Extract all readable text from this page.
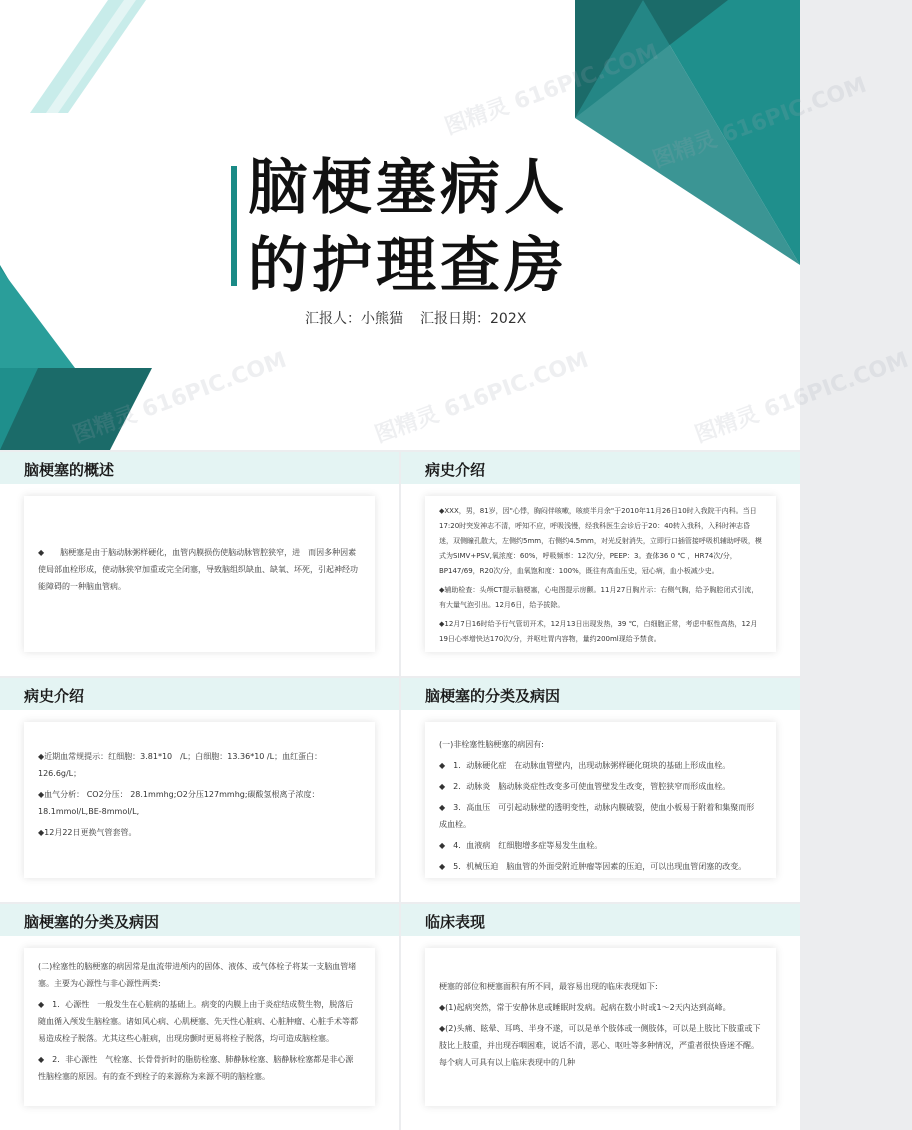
图精灵 616PIC.COM
图精灵 616PIC.COM	图精灵 616PIC.COM	图精灵 616PIC.COM
脑梗塞病人
的护理查房
汇报人：小熊猫 汇报日期：202X
脑梗塞的概述

◆　　脑梗塞是由于脑动脉粥样硬化，血管内膜损伤使脑动脉管腔狭窄，进　而因多种因素使局部血栓形成，使动脉狭窄加重或完全闭塞，导致脑组织缺血、缺氧、坏死，引起神经功能障碍的一种脑血管病。

病史介绍

◆XXX，男，81岁，因"心悸，胸闷伴咳嗽，咳痰半月余"于2010年11月26日10时入我院干内科。当日17:20时突发神志不清，呼知不应，呼吸浅慢，经我科医生会诊后于20：40转入我科，入科时神志昏迷，双侧瞳孔散大，左侧约5mm，右侧约4.5mm，对光反射消失，立即行口插管接呼吸机辅助呼吸，模式为SIMV+PSV,氧浓度：60%，呼吸频率：12次/分，PEEP：3。查体36 0 ℃ ，HR74次/分，BP147/69，R20次/分，血氧饱和度：100%，既往有高血压史，冠心病，血小板减少史。

◆辅助检查：头颅CT提示脑梗塞，心电图提示房颤。11月27日胸片示：右侧气胸，给予胸腔闭式引流，有大量气泡引出。12月6日，给予拔除。

◆12月7日16时给予行气管切开术，12月13日出现发热，39 ℃，白细胞正常，考虑中枢性高热，12月19日心率增快达170次/分，并呕吐胃内容物，量约200ml现给予禁食。

病史介绍

◆近期血常规提示：红细胞：3.81*10　/L；白细胞：13.36*10 /L；血红蛋白：126.6g/L；

◆血气分析： CO2分压： 28.1mmhg;O2分压127mmhg;碳酸氢根离子浓度：18.1mmol/L,BE-8mmol/L,

◆12月22日更换气管套管。

脑梗塞的分类及病因

(一)非栓塞性脑梗塞的病因有:

◆　1．动脉硬化症　在动脉血管壁内，出现动脉粥样硬化斑块的基础上形成血栓。

◆　2．动脉炎　脑动脉炎症性改变多可使血管壁发生改变，管腔狭窄而形成血栓。

◆　3．高血压　可引起动脉壁的透明变性，动脉内膜破裂，使血小板易于附着和集聚而形成血栓。

◆　4．血液病　红细胞增多症等易发生血栓。

◆　5．机械压迫　脑血管的外面受附近肿瘤等因素的压迫，可以出现血管闭塞的改变。

脑梗塞的分类及病因

(二)栓塞性的脑梗塞的病因常是血流带进颅内的固体、液体、或气体栓子将某一支脑血管堵塞。主要为心源性与非心源性两类:

◆　1．心源性　一般发生在心脏病的基础上。病变的内膜上由于炎症结成赘生物，脱落后随血循入颅发生脑栓塞。诸如风心病、心肌梗塞、先天性心脏病、心脏肿瘤、心脏手术等都易造成栓子脱落。尤其这些心脏病，出现房颤时更易将栓子脱落，均可造成脑栓塞。

◆　2．非心源性　气栓塞、长骨骨折时的脂肪栓塞、肺静脉栓塞、脑静脉栓塞都是非心源性脑栓塞的原因。有的查不到栓子的来源称为来源不明的脑栓塞。

临床表现

梗塞的部位和梗塞面积有所不同，最容易出现的临床表现如下:

◆(1)起病突然，常于安静休息或睡眠时发病。起病在数小时或1～2天内达到高峰。

◆(2)头痛、眩晕、耳鸣、半身不遂，可以是单个肢体或一侧肢体，可以是上肢比下肢重或下肢比上肢重，并出现吞咽困难，说话不清，恶心、呕吐等多种情况，严重者很快昏迷不醒。每个病人可具有以上临床表现中的几种
